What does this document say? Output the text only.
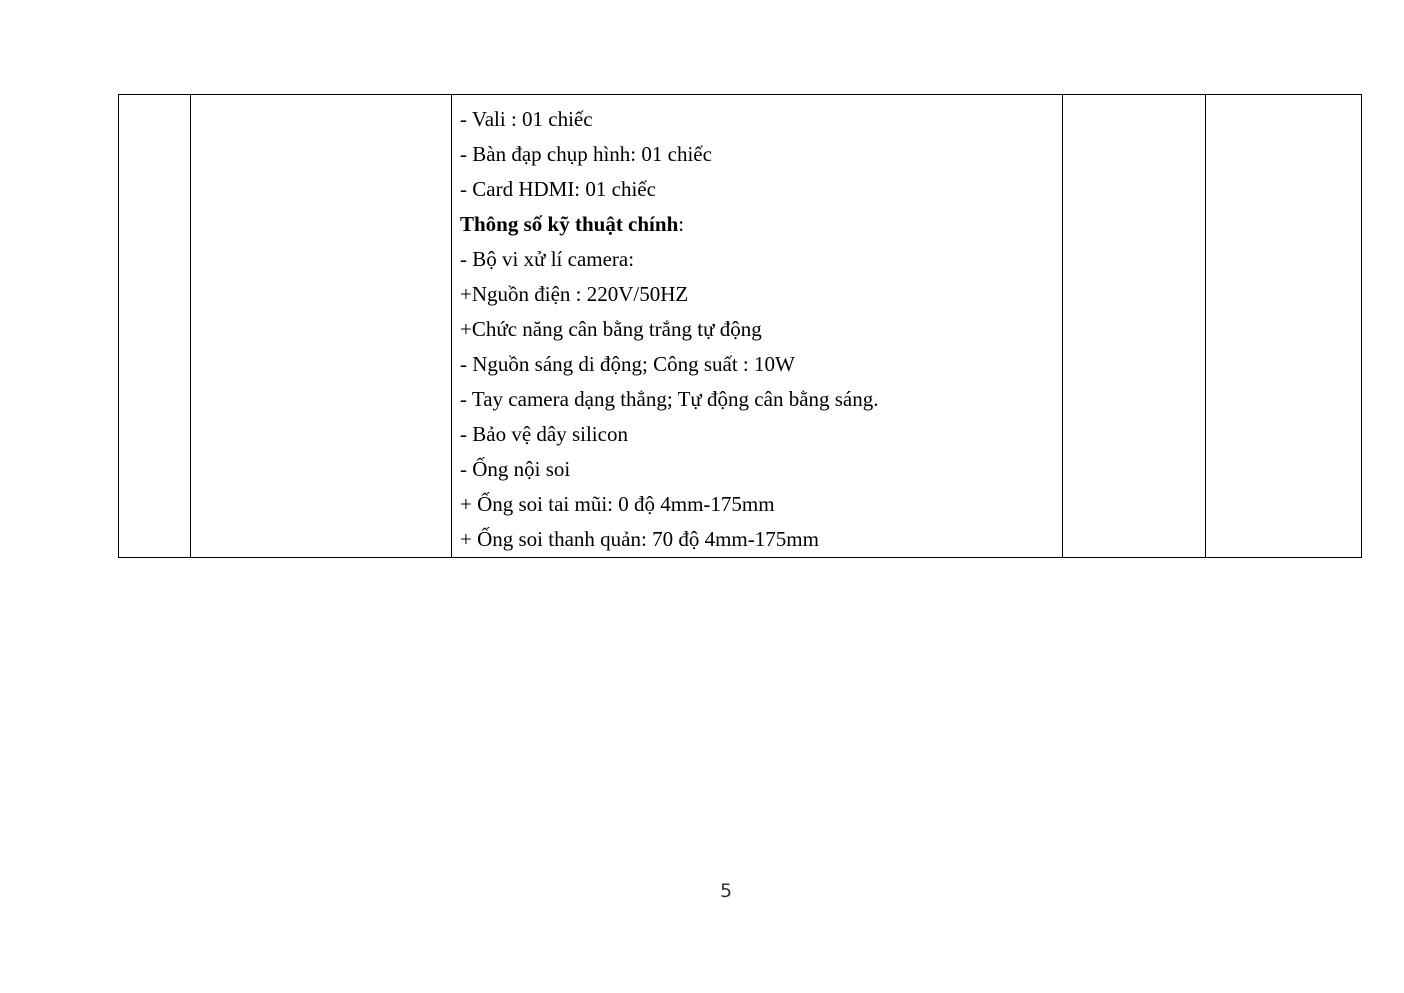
- Vali : 01 chiếc
- Bàn đạp chụp hình: 01 chiếc
- Card HDMI: 01 chiếc
Thông số kỹ thuật chính:
- Bộ vi xử lí camera:
+Nguồn điện : 220V/50HZ
+Chức năng cân bằng trắng tự động
- Nguồn sáng di động; Công suất : 10W
- Tay camera dạng thẳng; Tự động cân bằng sáng.
- Bảo vệ dây silicon
- Ống nội soi
+ Ống soi tai mũi: 0 độ 4mm-175mm
+ Ống soi thanh quản: 70 độ 4mm-175mm

5
